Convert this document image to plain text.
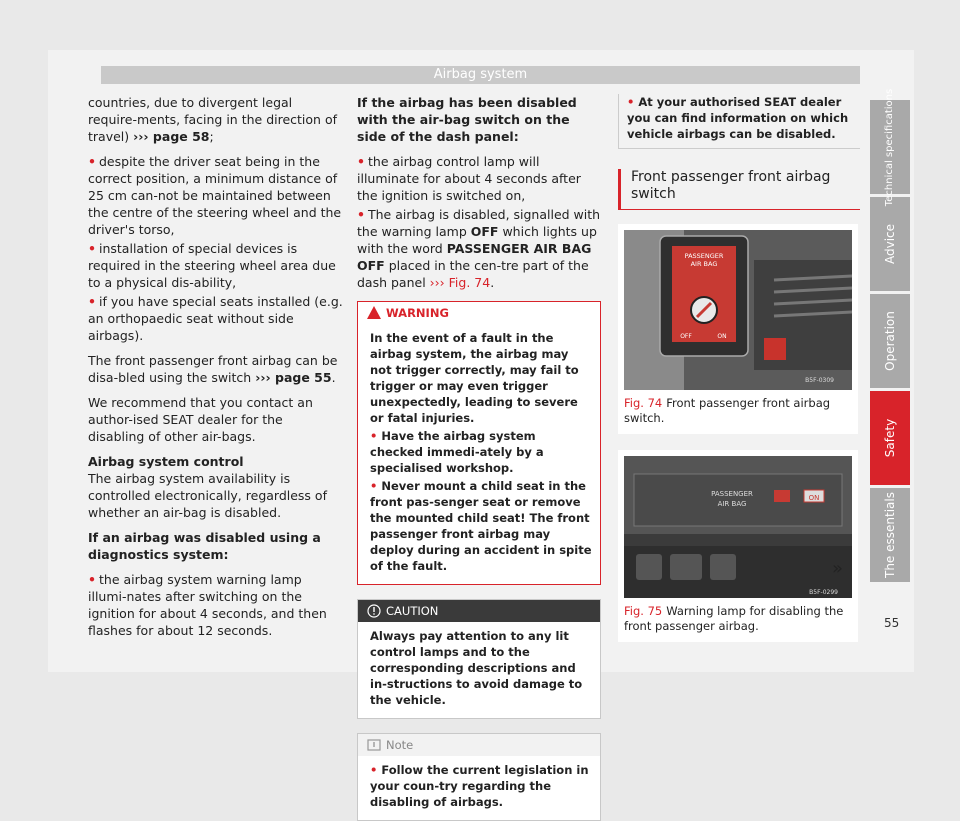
Airbag system

countries, due to divergent legal require-ments, facing in the direction of travel) ››› page 58;

• despite the driver seat being in the correct position, a minimum distance of 25 cm can-not be maintained between the centre of the steering wheel and the driver's torso,
• installation of special devices is required in the steering wheel area due to a physical dis-ability,
• if you have special seats installed (e.g. an orthopaedic seat without side airbags).

The front passenger front airbag can be disa-bled using the switch ››› page 55.

We recommend that you contact an author-ised SEAT dealer for the disabling of other air-bags.

Airbag system control

The airbag system availability is controlled electronically, regardless of whether an air-bag is disabled.

If an airbag was disabled using a diagnostics system:

• the airbag system warning lamp illumi-nates after switching on the ignition for about 4 seconds, and then flashes for about 12 seconds.

If the airbag has been disabled with the air-bag switch on the side of the dash panel:

• the airbag control lamp will illuminate for about 4 seconds after the ignition is switched on,
• The airbag is disabled, signalled with the warning lamp OFF which lights up with the word PASSENGER AIR BAG OFF placed in the cen-tre part of the dash panel ››› Fig. 74.
WARNING
In the event of a fault in the airbag system, the airbag may not trigger correctly, may fail to trigger or may even trigger unexpectedly, leading to severe or fatal injuries.
• Have the airbag system checked immedi-ately by a specialised workshop.
• Never mount a child seat in the front pas-senger seat or remove the mounted child seat! The front passenger front airbag may deploy during an accident in spite of the fault.
CAUTION
Always pay attention to any lit control lamps and to the corresponding descriptions and in-structions to avoid damage to the vehicle.
Note
• Follow the current legislation in your coun-try regarding the disabling of airbags.
• At your authorised SEAT dealer you can find information on which vehicle airbags can be disabled.
Front passenger front airbag switch
B5F-0309
PASSENGER
AIR BAG
OFF	ON
Fig. 74 Front passenger front airbag switch.
PASSENGER
AIR BAG
ON
B5F-0299
Fig. 75 Warning lamp for disabling the front passenger airbag.
»
Technical specifications
Advice
Operation
Safety
The essentials
55
